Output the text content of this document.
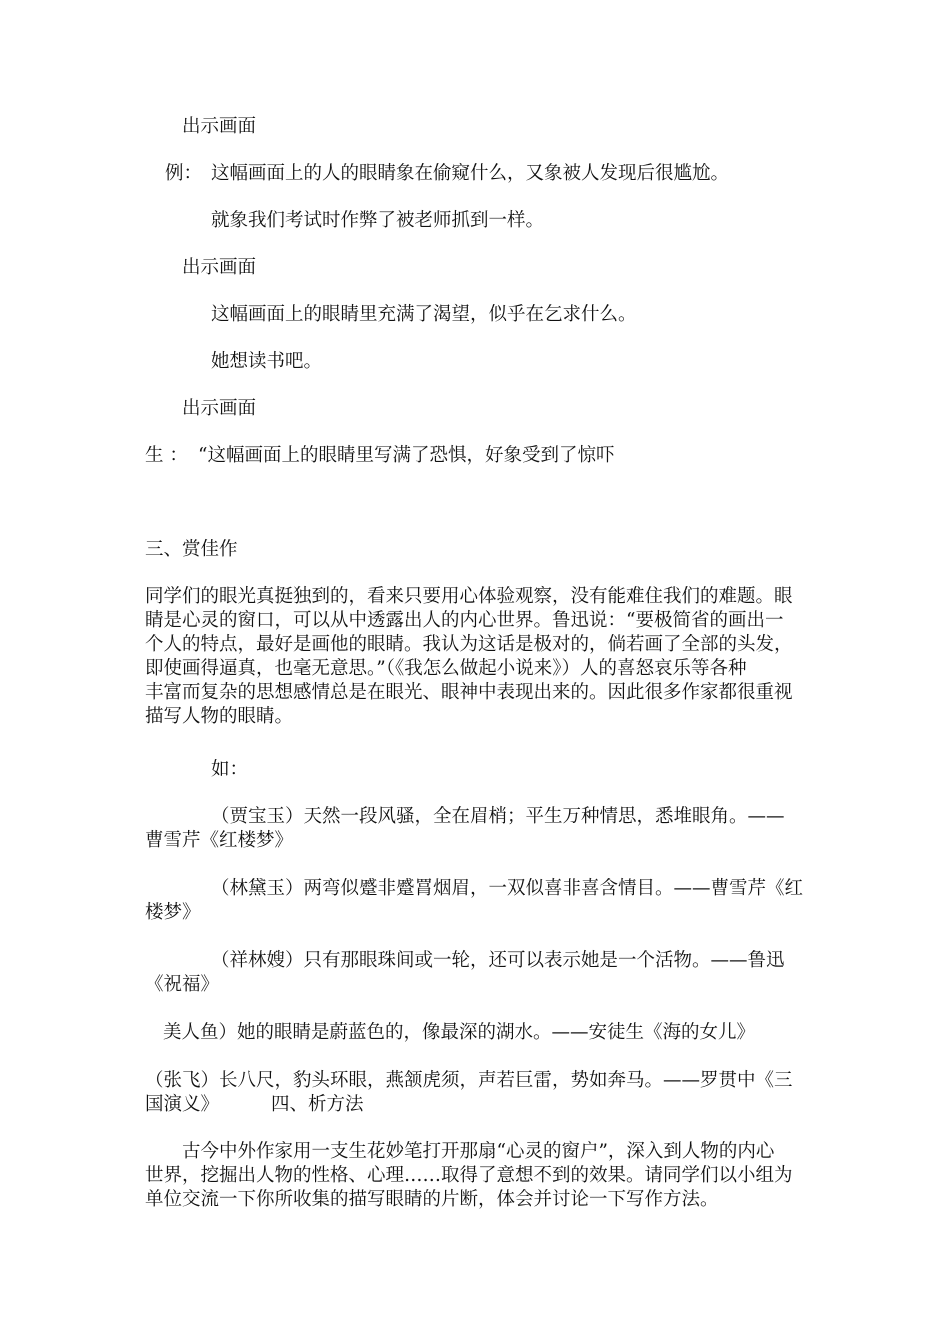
出示画面

例： 这幅画面上的人的眼睛象在偷窥什么，又象被人发现后很尴尬。

就象我们考试时作弊了被老师抓到一样。

出示画面

这幅画面上的眼睛里充满了渴望，似乎在乞求什么。

她想读书吧。

出示画面

生 ： “这幅画面上的眼睛里写满了恐惧，好象受到了惊吓

三、赏佳作

同学们的眼光真挺独到的，看来只要用心体验观察，没有能难住我们的难题。眼
睛是心灵的窗口，可以从中透露出人的内心世界。鲁迅说：“要极简省的画出一
个人的特点，最好是画他的眼睛。我认为这话是极对的，倘若画了全部的头发，
即使画得逼真，也毫无意思。”（《我怎么做起小说来》）人的喜怒哀乐等各种
丰富而复杂的思想感情总是在眼光、眼神中表现出来的。因此很多作家都很重视
描写人物的眼睛。

如：

（贾宝玉）天然一段风骚，全在眉梢；平生万种情思，悉堆眼角。——

曹雪芹《红楼梦》

（林黛玉）两弯似蹙非蹙罥烟眉，一双似喜非喜含情目。——曹雪芹《红

楼梦》

（祥林嫂）只有那眼珠间或一轮，还可以表示她是一个活物。——鲁迅

《祝福》

美人鱼）她的眼睛是蔚蓝色的，像最深的湖水。——安徒生《海的女儿》

（张飞）长八尺，豹头环眼，燕颔虎须，声若巨雷，势如奔马。——罗贯中《三

国演义》	四、析方法

古今中外作家用一支生花妙笔打开那扇“心灵的窗户”，深入到人物的内心

世界，挖掘出人物的性格、心理……取得了意想不到的效果。请同学们以小组为

单位交流一下你所收集的描写眼睛的片断，体会并讨论一下写作方法。
